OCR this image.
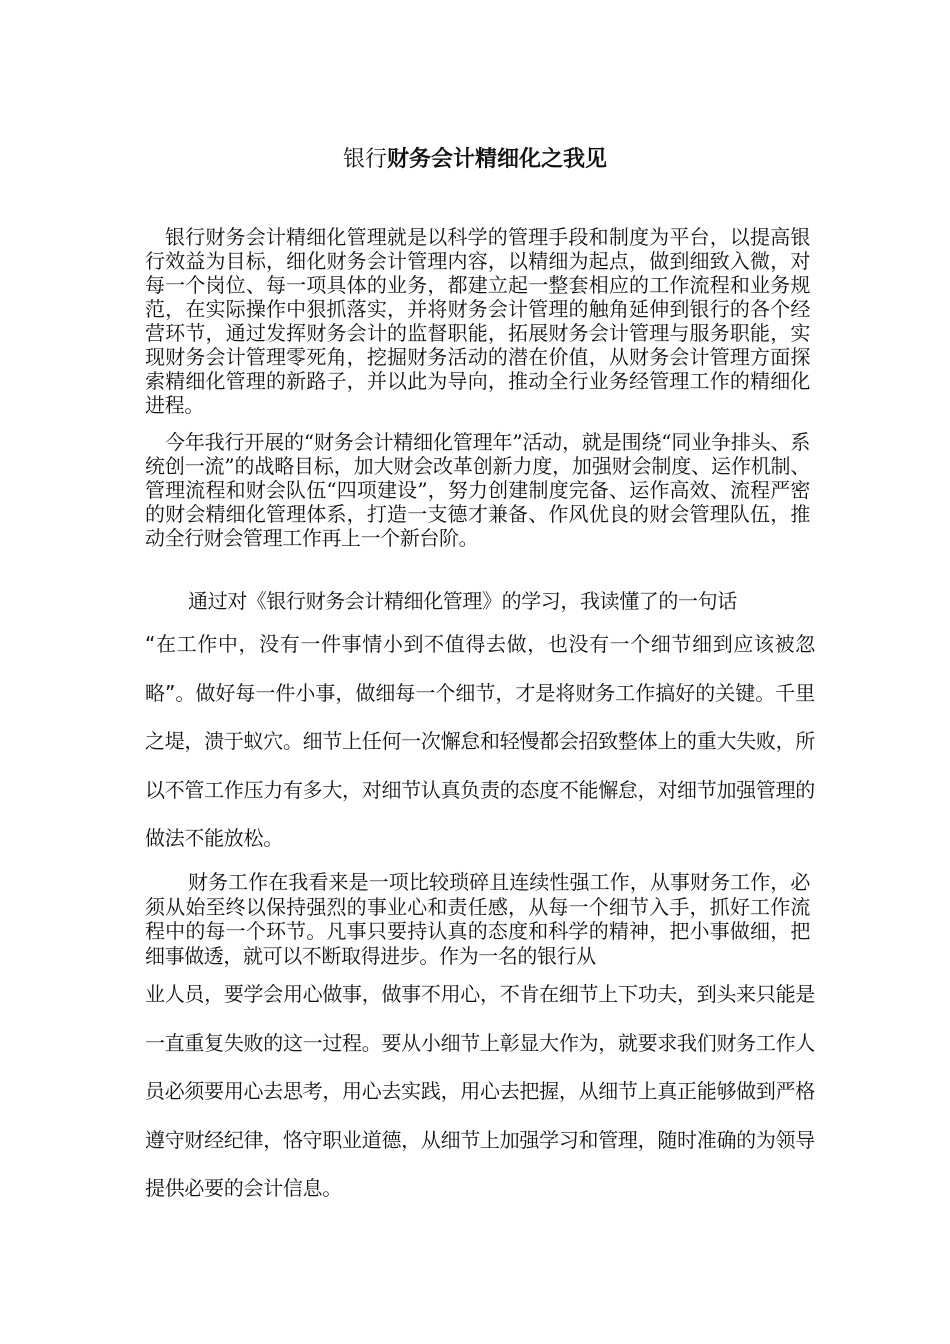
银行财务会计精细化之我见

银行财务会计精细化管理就是以科学的管理手段和制度为平台，以提高银行效益为目标，细化财务会计管理内容，以精细为起点，做到细致入微，对每一个岗位、每一项具体的业务，都建立起一整套相应的工作流程和业务规范，在实际操作中狠抓落实，并将财务会计管理的触角延伸到银行的各个经营环节，通过发挥财务会计的监督职能，拓展财务会计管理与服务职能，实现财务会计管理零死角，挖掘财务活动的潜在价值，从财务会计管理方面探索精细化管理的新路子，并以此为导向，推动全行业务经管理工作的精细化进程。

今年我行开展的“财务会计精细化管理年”活动，就是围绕“同业争排头、系统创一流”的战略目标，加大财会改革创新力度，加强财会制度、运作机制、管理流程和财会队伍“四项建设”，努力创建制度完备、运作高效、流程严密的财会精细化管理体系，打造一支德才兼备、作风优良的财会管理队伍，推动全行财会管理工作再上一个新台阶。

通过对《银行财务会计精细化管理》的学习，我读懂了的一句话

“在工作中，没有一件事情小到不值得去做，也没有一个细节细到应该被忽略”。做好每一件小事，做细每一个细节，才是将财务工作搞好的关键。千里之堤，溃于蚁穴。细节上任何一次懈怠和轻慢都会招致整体上的重大失败，所以不管工作压力有多大，对细节认真负责的态度不能懈怠，对细节加强管理的做法不能放松。

财务工作在我看来是一项比较琐碎且连续性强工作，从事财务工作，必须从始至终以保持强烈的事业心和责任感，从每一个细节入手，抓好工作流程中的每一个环节。凡事只要持认真的态度和科学的精神，把小事做细，把细事做透，就可以不断取得进步。作为一名的银行从

业人员，要学会用心做事，做事不用心，不肯在细节上下功夫，到头来只能是一直重复失败的这一过程。要从小细节上彰显大作为，就要求我们财务工作人员必须要用心去思考，用心去实践，用心去把握，从细节上真正能够做到严格遵守财经纪律，恪守职业道德，从细节上加强学习和管理，随时准确的为领导提供必要的会计信息。
